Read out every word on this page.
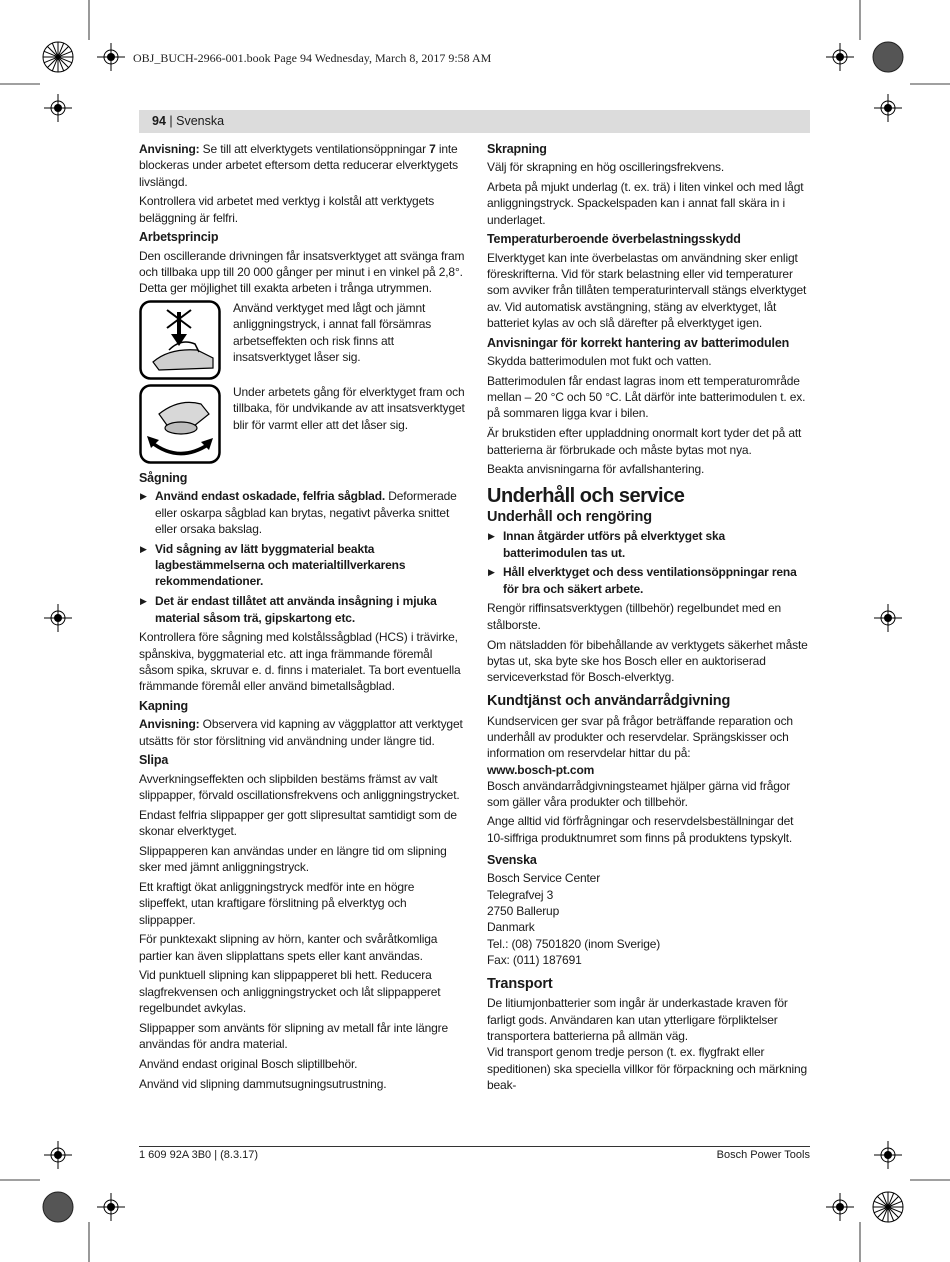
OBJ_BUCH-2966-001.book Page 94 Wednesday, March 8, 2017 9:58 AM
94 | Svenska

Anvisning: Se till att elverktygets ventilationsöppningar 7 inte blockeras under arbetet eftersom detta reducerar elverktygets livslängd.

Kontrollera vid arbetet med verktyg i kolstål att verktygets beläggning är felfri.

Arbetsprincip

Den oscillerande drivningen får insatsverktyget att svänga fram och tillbaka upp till 20 000 gånger per minut i en vinkel på 2,8°. Detta ger möjlighet till exakta arbeten i trånga utrymmen.

Använd verktyget med lågt och jämnt anliggningstryck, i annat fall försämras arbetseffekten och risk finns att insatsverktyget låser sig.
Under arbetets gång för elverktyget fram och tillbaka, för undvikande av att insatsverktyget blir för varmt eller att det låser sig.
Sågning
▶ Använd endast oskadade, felfria sågblad. Deformerade eller oskarpa sågblad kan brytas, negativt påverka snittet eller orsaka bakslag.
▶ Vid sågning av lätt byggmaterial beakta lagbestämmelserna och materialtillverkarens rekommendationer.
▶ Det är endast tillåtet att använda insågning i mjuka material såsom trä, gipskartong etc.

Kontrollera före sågning med kolstålssågblad (HCS) i trävirke, spånskiva, byggmaterial etc. att inga främmande föremål såsom spika, skruvar e. d. finns i materialet. Ta bort eventuella främmande föremål eller använd bimetallsågblad.

Kapning

Anvisning: Observera vid kapning av väggplattor att verktyget utsätts för stor förslitning vid användning under längre tid.

Slipa

Avverkningseffekten och slipbilden bestäms främst av valt slippapper, förvald oscillationsfrekvens och anliggningstrycket.

Endast felfria slippapper ger gott slipresultat samtidigt som de skonar elverktyget.

Slippapperen kan användas under en längre tid om slipning sker med jämnt anliggningstryck.

Ett kraftigt ökat anliggningstryck medför inte en högre slipeffekt, utan kraftigare förslitning på elverktyg och slippapper.

För punktexakt slipning av hörn, kanter och svåråtkomliga partier kan även slipplattans spets eller kant användas.

Vid punktuell slipning kan slippapperet bli hett. Reducera slagfrekvensen och anliggningstrycket och låt slippapperet regelbundet avkylas.

Slippapper som använts för slipning av metall får inte längre användas för andra material.

Använd endast original Bosch sliptillbehör.

Använd vid slipning dammutsugningsutrustning.

Skrapning

Välj för skrapning en hög oscilleringsfrekvens.

Arbeta på mjukt underlag (t. ex. trä) i liten vinkel och med lågt anliggningstryck. Spackelspaden kan i annat fall skära in i underlaget.

Temperaturberoende överbelastningsskydd

Elverktyget kan inte överbelastas om användning sker enligt föreskrifterna. Vid för stark belastning eller vid temperaturer som avviker från tillåten temperaturintervall stängs elverktyget av. Vid automatisk avstängning, stäng av elverktyget, låt batteriet kylas av och slå därefter på elverktyget igen.

Anvisningar för korrekt hantering av batterimodulen

Skydda batterimodulen mot fukt och vatten.

Batterimodulen får endast lagras inom ett temperaturområde mellan – 20 °C och 50 °C. Låt därför inte batterimodulen t. ex. på sommaren ligga kvar i bilen.

Är brukstiden efter uppladdning onormalt kort tyder det på att batterierna är förbrukade och måste bytas mot nya.

Beakta anvisningarna för avfallshantering.

Underhåll och service
Underhåll och rengöring
▶ Innan åtgärder utförs på elverktyget ska batterimodulen tas ut.
▶ Håll elverktyget och dess ventilationsöppningar rena för bra och säkert arbete.

Rengör riffinsatsverktygen (tillbehör) regelbundet med en stålborste.

Om nätsladden för bibehållande av verktygets säkerhet måste bytas ut, ska byte ske hos Bosch eller en auktoriserad serviceverkstad för Bosch-elverktyg.

Kundtjänst och användarrådgivning

Kundservicen ger svar på frågor beträffande reparation och underhåll av produkter och reservdelar. Sprängskisser och information om reservdelar hittar du på:
www.bosch-pt.com
Bosch användarrådgivningsteamet hjälper gärna vid frågor som gäller våra produkter och tillbehör.

Ange alltid vid förfrågningar och reservdelsbeställningar det 10-siffriga produktnumret som finns på produktens typskylt.

Svenska
Bosch Service Center
Telegrafvej 3
2750 Ballerup
Danmark
Tel.: (08) 7501820 (inom Sverige)
Fax: (011) 187691
Transport

De litiumjonbatterier som ingår är underkastade kraven för farligt gods. Användaren kan utan ytterligare förpliktelser transportera batterierna på allmän väg.

Vid transport genom tredje person (t. ex. flygfrakt eller speditionen) ska speciella villkor för förpackning och märkning beak-

1 609 92A 3B0 | (8.3.17)	Bosch Power Tools
